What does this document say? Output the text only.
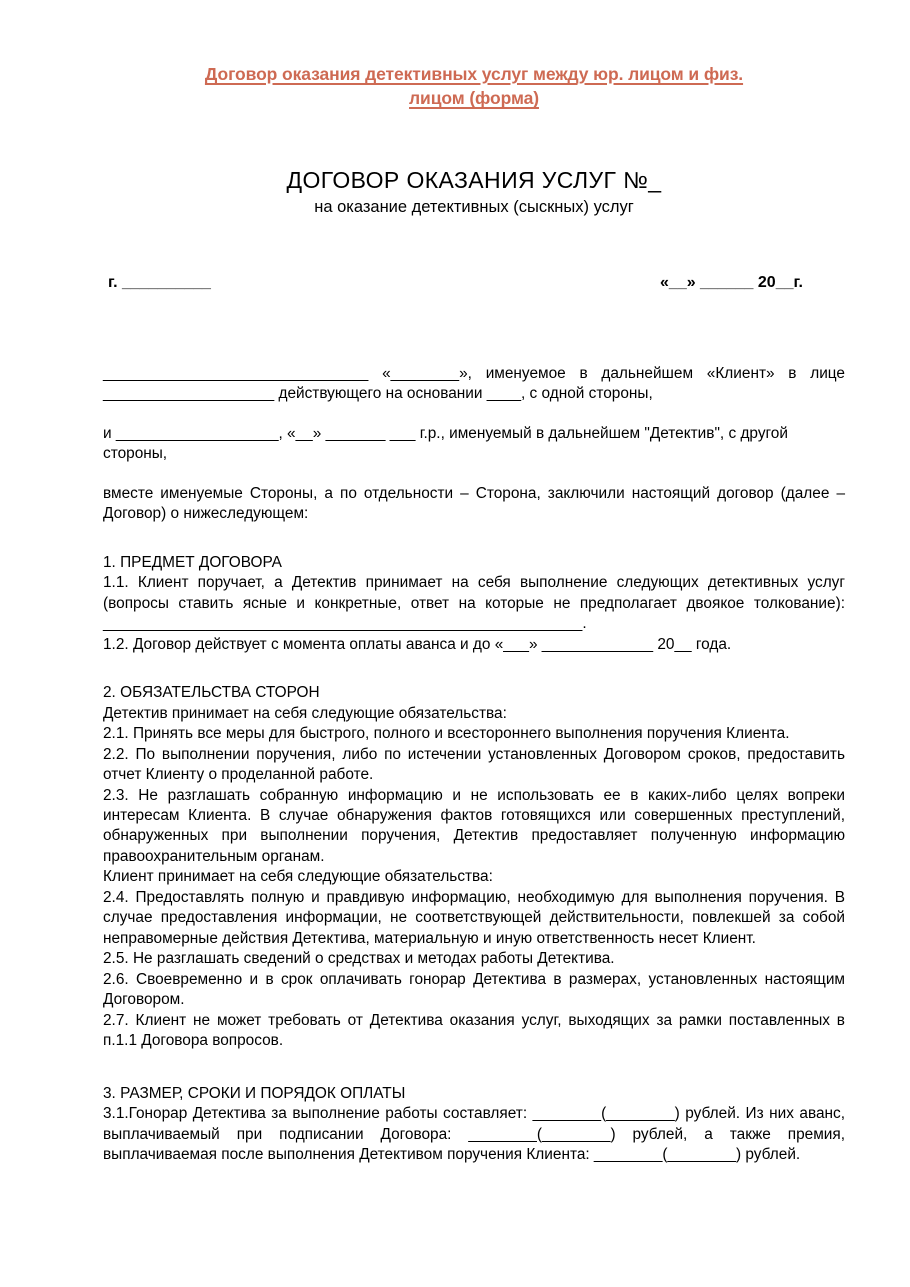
Договор оказания детективных услуг между юр. лицом и физ.
лицом (форма)
ДОГОВОР ОКАЗАНИЯ УСЛУГ №_
на оказание детективных (сыскных) услуг
г. __________	«__» ______ 20__г.

_______________________________ «________», именуемое в дальнейшем «Клиент» в лице ____________________ действующего на основании ____, с одной стороны,

и ___________________, «__» _______ ___ г.р., именуемый в дальнейшем "Детектив", с другой стороны,

вместе именуемые Стороны, а по отдельности – Сторона, заключили настоящий договор (далее – Договор) о нижеследующем:

1. ПРЕДМЕТ ДОГОВОРА

1.1. Клиент поручает, а Детектив принимает на себя выполнение следующих детективных услуг (вопросы ставить ясные и конкретные, ответ на которые не предполагает двоякое толкование): ________________________________________________________.

1.2. Договор действует с момента оплаты аванса и до «___» _____________ 20__ года.

2. ОБЯЗАТЕЛЬСТВА СТОРОН

Детектив принимает на себя следующие обязательства:

2.1. Принять все меры для быстрого, полного и всестороннего выполнения поручения Клиента.

2.2. По выполнении поручения, либо по истечении установленных Договором сроков, предоставить отчет Клиенту о проделанной работе.

2.3. Не разглашать собранную информацию и не использовать ее в каких-либо целях вопреки интересам Клиента. В случае обнаружения фактов готовящихся или совершенных преступлений, обнаруженных при выполнении поручения, Детектив предоставляет полученную информацию правоохранительным органам.

Клиент принимает на себя следующие обязательства:

2.4. Предоставлять полную и правдивую информацию, необходимую для выполнения поручения. В случае предоставления информации, не соответствующей действительности, повлекшей за собой неправомерные действия Детектива, материальную и иную ответственность несет Клиент.

2.5. Не разглашать сведений о средствах и методах работы Детектива.

2.6. Своевременно и в срок оплачивать гонорар Детектива в размерах, установленных настоящим Договором.

2.7. Клиент не может требовать от Детектива оказания услуг, выходящих за рамки поставленных в п.1.1 Договора вопросов.

3. РАЗМЕР, СРОКИ И ПОРЯДОК ОПЛАТЫ

3.1.Гонорар Детектива за выполнение работы составляет: ________(________) рублей. Из них аванс, выплачиваемый при подписании Договора: ________(________) рублей, а также премия, выплачиваемая после выполнения Детективом поручения Клиента: ________(________) рублей.
